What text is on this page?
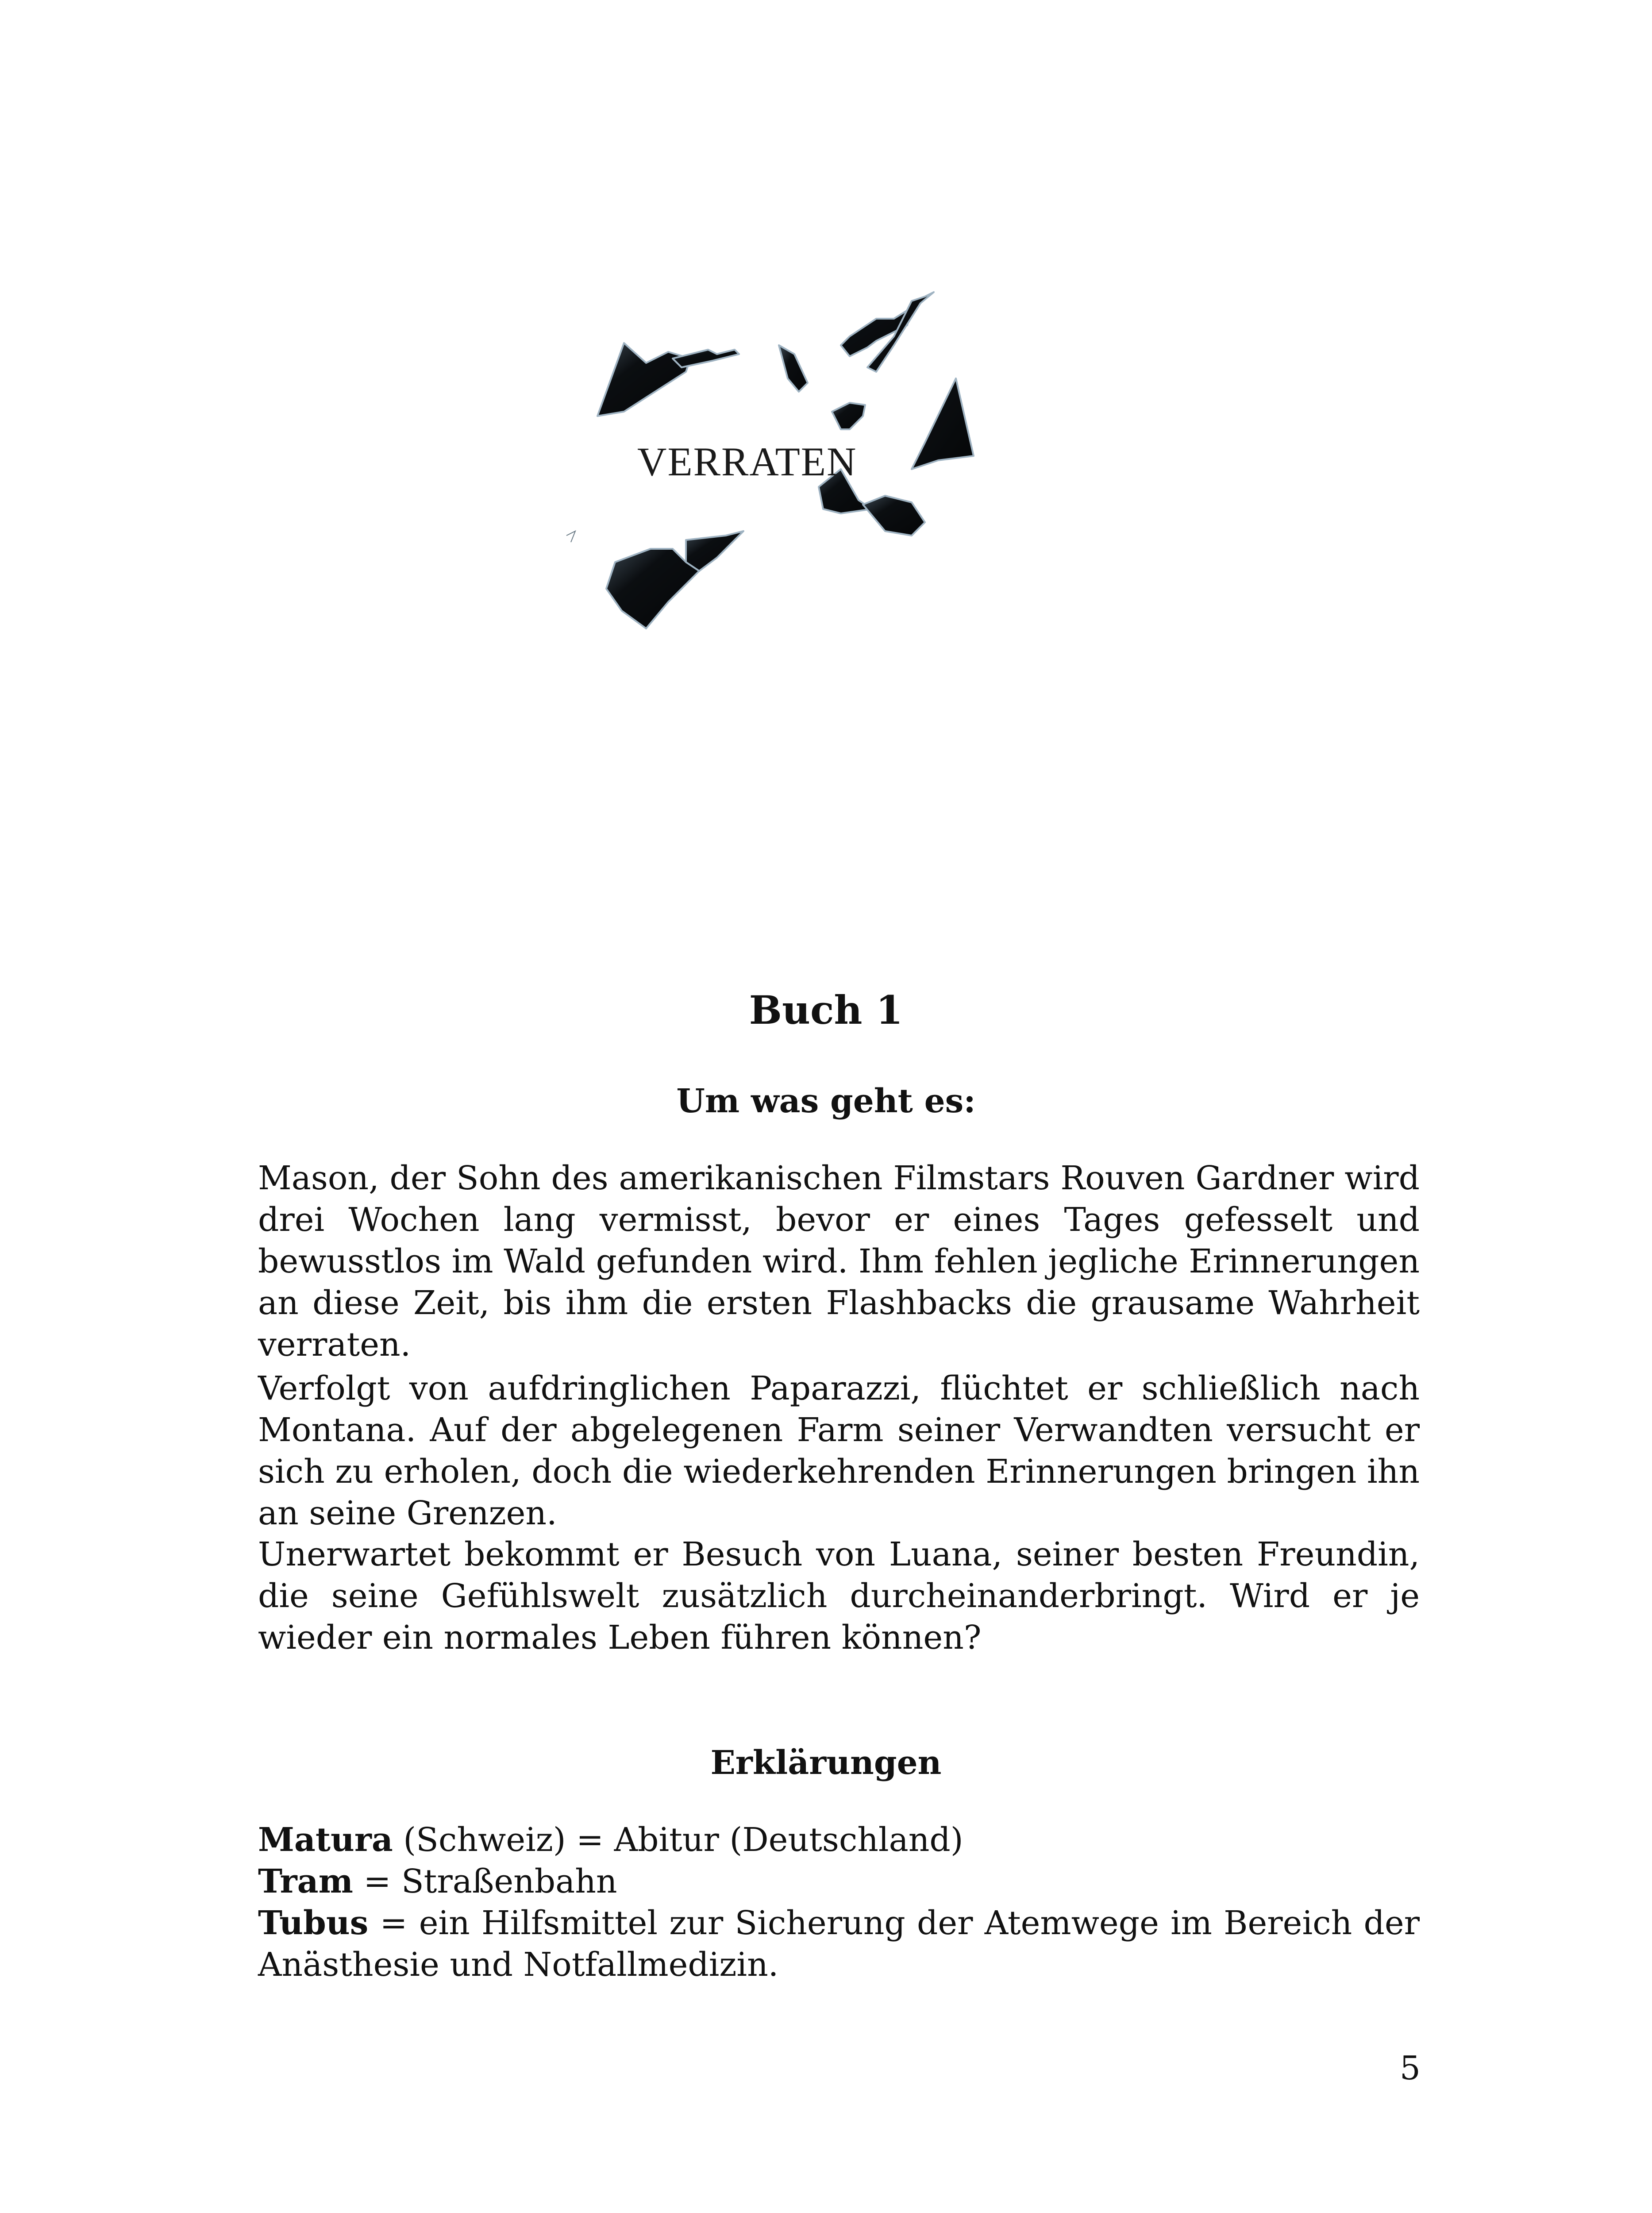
VERRATEN
Buch 1
Um was geht es:

Mason, der Sohn des amerikanischen Filmstars Rouven Gardner wird drei Wochen lang vermisst, bevor er eines Tages gefesselt und bewusstlos im Wald gefunden wird. Ihm fehlen jegliche Erinnerungen an diese Zeit, bis ihm die ersten Flashbacks die grausame Wahrheit verraten.

Verfolgt von aufdringlichen Paparazzi, flüchtet er schließlich nach Montana. Auf der abgelegenen Farm seiner Verwandten versucht er sich zu erholen, doch die wiederkehrenden Erinnerungen bringen ihn an seine Grenzen.

Unerwartet bekommt er Besuch von Luana, seiner besten Freundin, die seine Gefühlswelt zusätzlich durcheinanderbringt. Wird er je wieder ein normales Leben führen können?

Erklärungen
Matura (Schweiz) = Abitur (Deutschland)
Tram = Straßenbahn
Tubus = ein Hilfsmittel zur Sicherung der Atemwege im Bereich der Anästhesie und Notfallmedizin.
5
